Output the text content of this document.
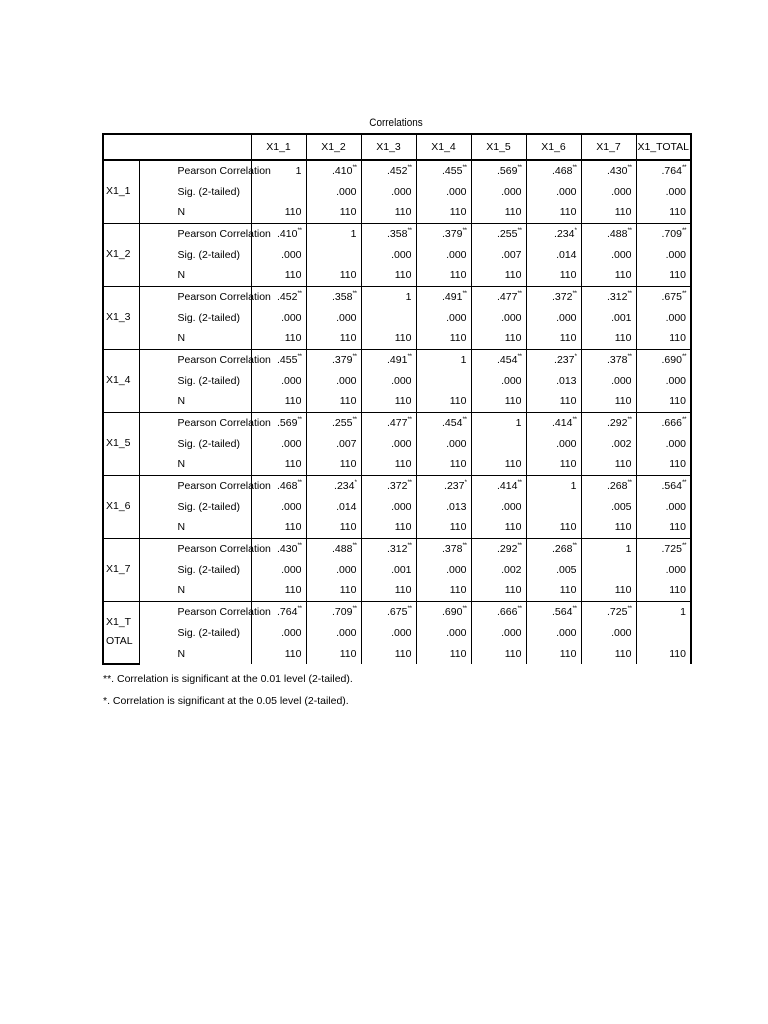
Correlations
		X1_1	X1_2	X1_3	X1_4	X1_5	X1_6	X1_7	X1_TOTAL
X1_1	Pearson Correlation	1	.410**	.452**	.455**	.569**	.468**	.430**	.764**
	Sig. (2-tailed)		.000	.000	.000	.000	.000	.000	.000
	N	110	110	110	110	110	110	110	110
X1_2	Pearson Correlation	.410**	1	.358**	.379**	.255**	.234*	.488**	.709**
	Sig. (2-tailed)	.000		.000	.000	.007	.014	.000	.000
	N	110	110	110	110	110	110	110	110
X1_3	Pearson Correlation	.452**	.358**	1	.491**	.477**	.372**	.312**	.675**
	Sig. (2-tailed)	.000	.000		.000	.000	.000	.001	.000
	N	110	110	110	110	110	110	110	110
X1_4	Pearson Correlation	.455**	.379**	.491**	1	.454**	.237*	.378**	.690**
	Sig. (2-tailed)	.000	.000	.000		.000	.013	.000	.000
	N	110	110	110	110	110	110	110	110
X1_5	Pearson Correlation	.569**	.255**	.477**	.454**	1	.414**	.292**	.666**
	Sig. (2-tailed)	.000	.007	.000	.000		.000	.002	.000
	N	110	110	110	110	110	110	110	110
X1_6	Pearson Correlation	.468**	.234*	.372**	.237*	.414**	1	.268**	.564**
	Sig. (2-tailed)	.000	.014	.000	.013	.000		.005	.000
	N	110	110	110	110	110	110	110	110
X1_7	Pearson Correlation	.430**	.488**	.312**	.378**	.292**	.268**	1	.725**
	Sig. (2-tailed)	.000	.000	.001	.000	.002	.005		.000
	N	110	110	110	110	110	110	110	110
X1_T OTAL	Pearson Correlation	.764**	.709**	.675**	.690**	.666**	.564**	.725**	1
	Sig. (2-tailed)	.000	.000	.000	.000	.000	.000	.000	
	N	110	110	110	110	110	110	110	110
**. Correlation is significant at the 0.01 level (2-tailed).
*. Correlation is significant at the 0.05 level (2-tailed).
